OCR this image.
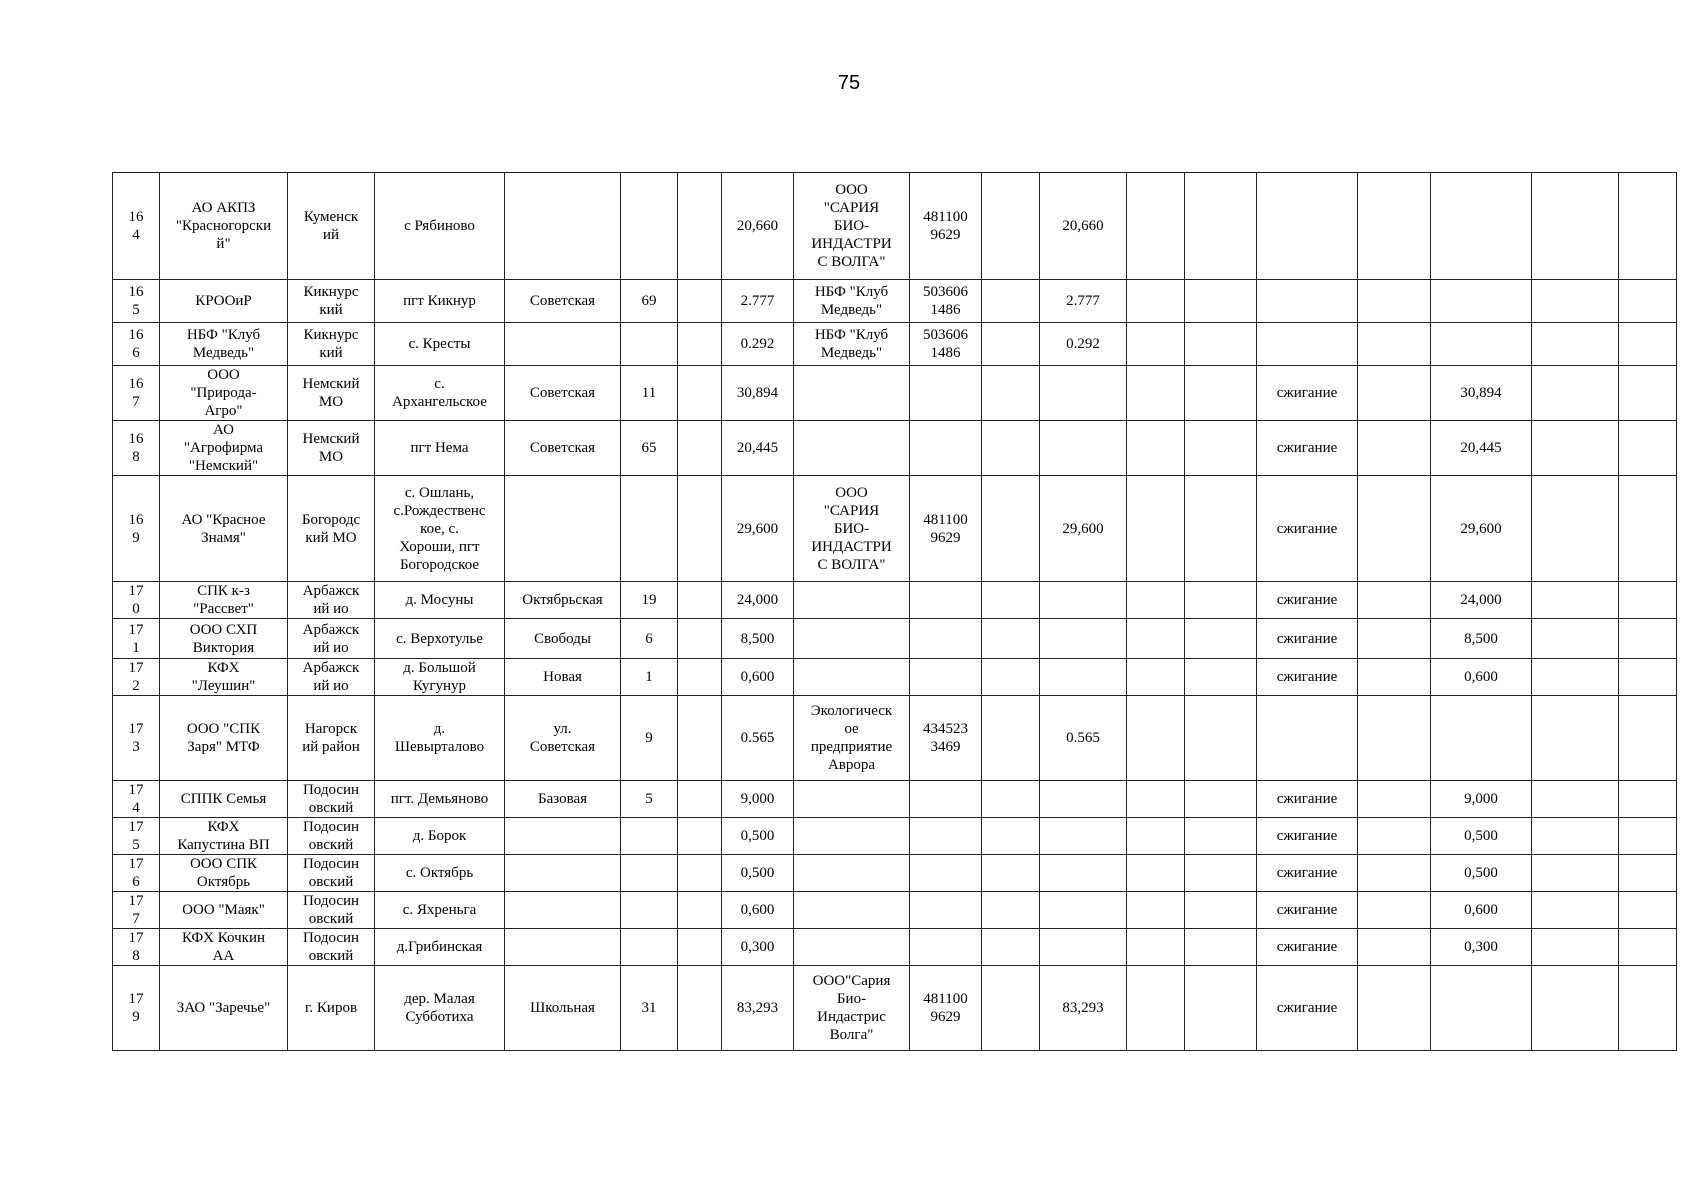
75
16
4	АО АКПЗ
"Красногорски
й"	Куменск
ий	с Рябиново				20,660	ООО
"САРИЯ
БИО-
ИНДАСТРИ
С ВОЛГА"	481100
9629		20,660							
16
5	КРООиР	Кикнурс
кий	пгт Кикнур	Советская	69		2.777	НБФ "Клуб
Медведь"	503606
1486		2.777							
16
6	НБФ "Клуб
Медведь"	Кикнурс
кий	с. Кресты				0.292	НБФ "Клуб
Медведь"	503606
1486		0.292							
16
7	ООО
"Природа-
Агро"	Немский
МО	с.
Архангельское	Советская	11		30,894							сжигание		30,894		
16
8	АО
"Агрофирма
"Немский"	Немский
МО	пгт Нема	Советская	65		20,445							сжигание		20,445		
16
9	АО "Красное
Знамя"	Богородс
кий МО	с. Ошлань,
с.Рождественс
кое, с.
Хороши, пгт
Богородское				29,600	ООО
"САРИЯ
БИО-
ИНДАСТРИ
С ВОЛГА"	481100
9629		29,600			сжигание		29,600		
17
0	СПК к-з
"Рассвет"	Арбажск
ий ио	д. Мосуны	Октябрьская	19		24,000							сжигание		24,000		
17
1	ООО СХП
Виктория	Арбажск
ий ио	с. Верхотулье	Свободы	6		8,500							сжигание		8,500		
17
2	КФХ
"Леушин"	Арбажск
ий ио	д. Большой
Кугунур	Новая	1		0,600							сжигание		0,600		
17
3	ООО "СПК
Заря" МТФ	Нагорск
ий район	д.
Шевырталово	ул.
Советская	9		0.565	Экологическ
ое
предприятие
Аврора	434523
3469		0.565							
17
4	СППК Семья	Подосин
овский	пгт. Демьяново	Базовая	5		9,000							сжигание		9,000		
17
5	КФХ
Капустина ВП	Подосин
овский	д. Борок				0,500							сжигание		0,500		
17
6	ООО СПК
Октябрь	Подосин
овский	с. Октябрь				0,500							сжигание		0,500		
17
7	ООО "Маяк"	Подосин
овский	с. Яхреньга				0,600							сжигание		0,600		
17
8	КФХ Кочкин
АА	Подосин
овский	д.Грибинская				0,300							сжигание		0,300		
17
9	ЗАО "Заречье"	г. Киров	дер. Малая
Субботиха	Школьная	31		83,293	ООО"Сария
Био-
Индастрис
Волга"	481100
9629		83,293			сжигание				
